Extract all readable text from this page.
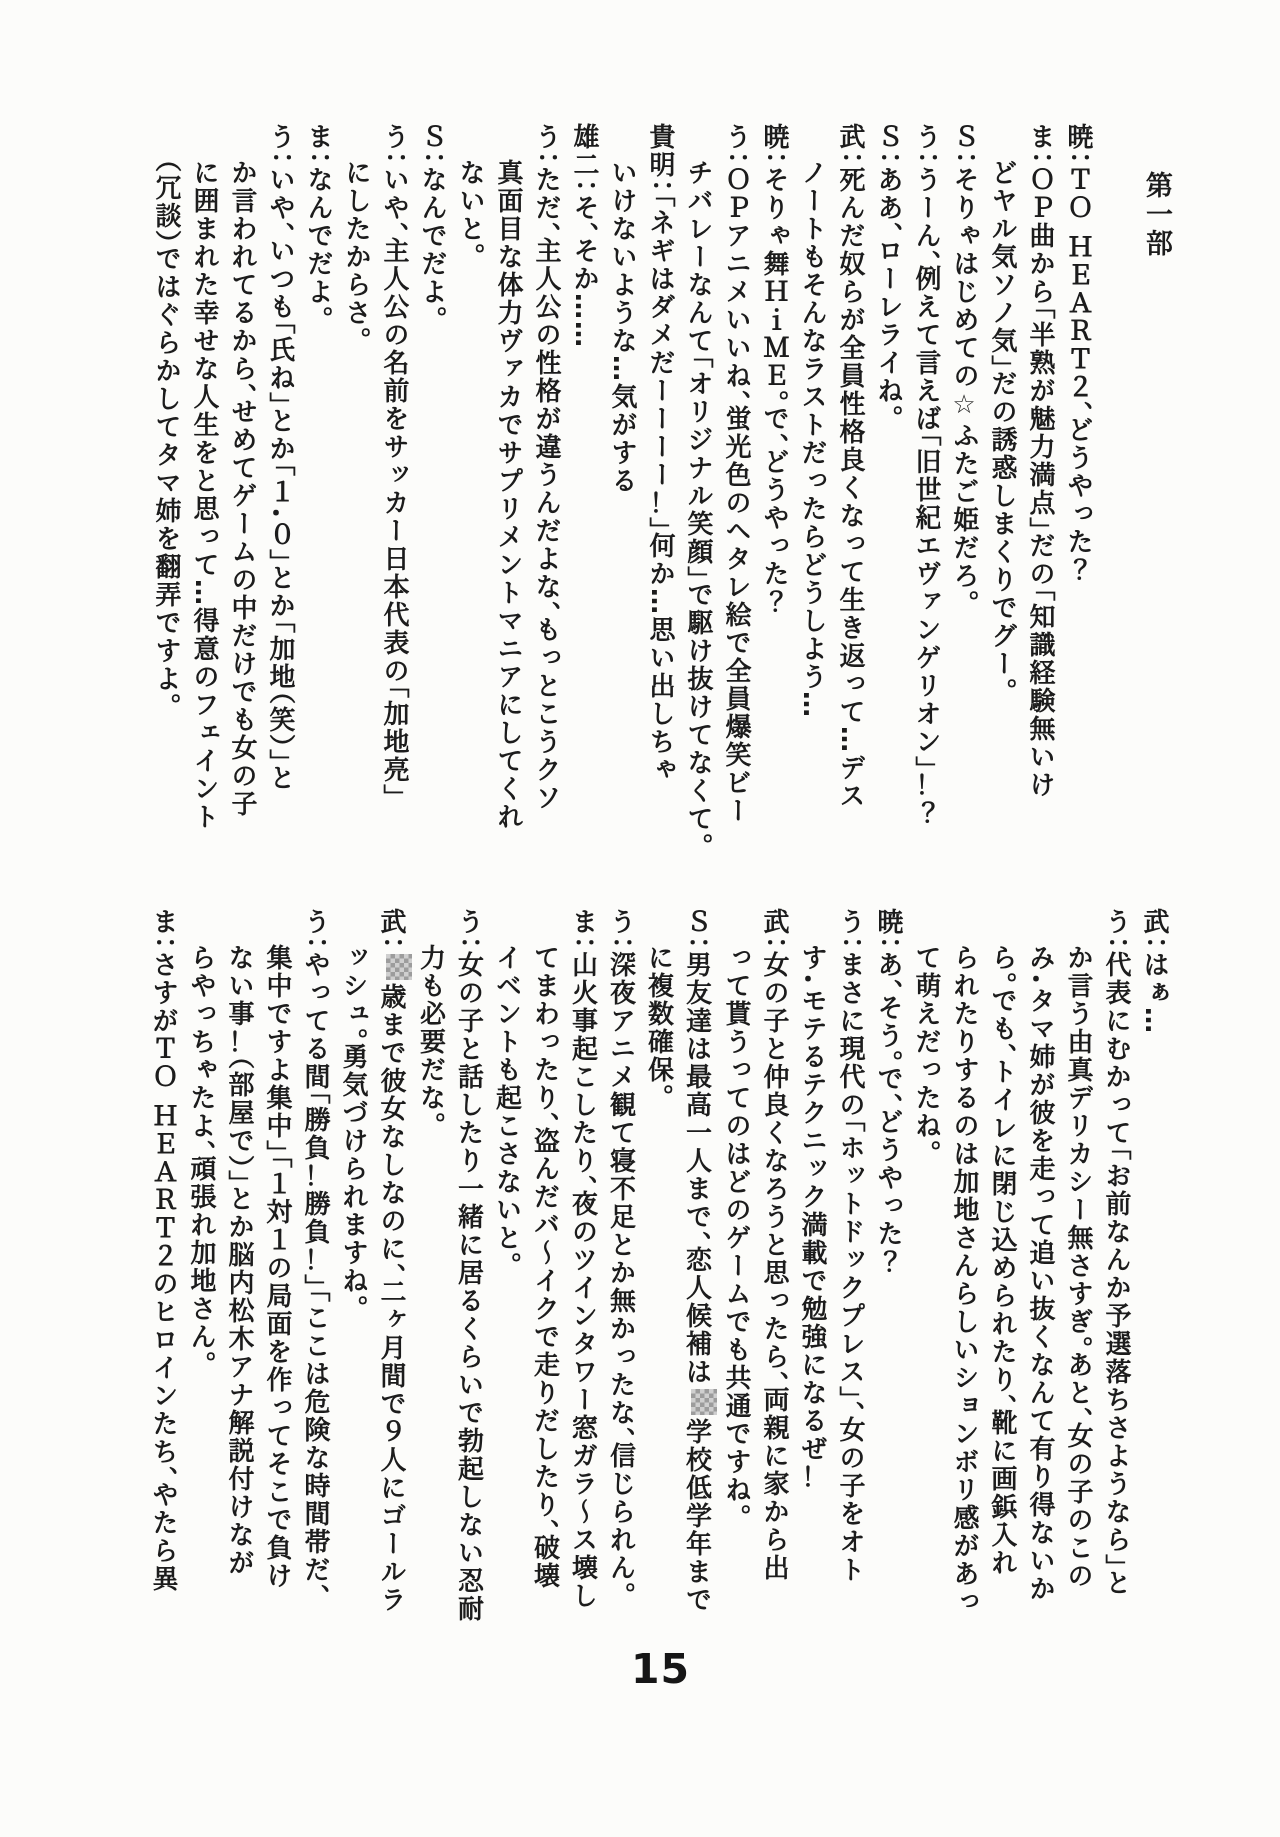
第一部
暁：ＴＯ ＨＥＡＲＴ２、どうやった？
ま：ＯＰ曲から「半熟が魅力満点」だの「知識経験無いけ
どヤル気ソノ気」だの誘惑しまくりでグー。
Ｓ：そりゃはじめての☆ふたご姫だろ。
う：うーん、例えて言えば「旧世紀エヴァンゲリオン」！？
Ｓ：ああ、ローレライね。
武：死んだ奴らが全員性格良くなって生き返って…デス
ノートもそんなラストだったらどうしよう…
暁：そりゃ舞ＨｉＭＥ。で、どうやった？
う：ＯＰアニメいいね、蛍光色のヘタレ絵で全員爆笑ビー
チバレーなんて「オリジナル笑顔」で駆け抜けてなくて。
貴明：「ネギはダメだーーーー！」何か…思い出しちゃ
いけないような…気がする
雄二：そ、そか……
う：ただ、主人公の性格が違うんだよな、もっとこうクソ
真面目な体力ヴァカでサプリメントマニアにしてくれ
ないと。
Ｓ：なんでだよ。
う：いや、主人公の名前をサッカー日本代表の「加地亮」
にしたからさ。
ま：なんでだよ。
う：いや、いつも「氏ね」とか「１・０」とか「加地（笑）」と
か言われてるから、せめてゲームの中だけでも女の子
に囲まれた幸せな人生をと思って…得意のフェイント
（冗談）ではぐらかしてタマ姉を翻弄ですよ。
武：はぁ…
う：代表にむかって「お前なんか予選落ちさようなら」と
か言う由真デリカシー無さすぎ。あと、女の子のこの
み・タマ姉が彼を走って追い抜くなんて有り得ないか
ら。でも、トイレに閉じ込められたり、靴に画鋲入れ
られたりするのは加地さんらしいションボリ感があっ
て萌えだったね。
暁：あ、そう。で、どうやった？
う：まさに現代の「ホットドックプレス」、女の子をオト
す・モテるテクニック満載で勉強になるぜ！
武：女の子と仲良くなろうと思ったら、両親に家から出
って貰うってのはどのゲームでも共通ですね。
Ｓ：男友達は最高一人まで、恋人候補は学校低学年まで
に複数確保。
う：深夜アニメ観て寝不足とか無かったな、信じられん。
ま：山火事起こしたり、夜のツインタワー窓ガラ～ス壊し
てまわったり、盗んだバ～イクで走りだしたり、破壊
イベントも起こさないと。
う：女の子と話したり一緒に居るくらいで勃起しない忍耐
力も必要だな。
武：歳まで彼女なしなのに、二ヶ月間で９人にゴールラ
ッシュ。勇気づけられますね。
う：やってる間「勝負！勝負！」「ここは危険な時間帯だ、
集中ですよ集中」「１対１の局面を作ってそこで負け
ない事！（部屋で）」とか脳内松木アナ解説付けなが
らやっちゃたよ、頑張れ加地さん。
ま：さすがＴＯ ＨＥＡＲＴ２のヒロインたち、やたら異
15
